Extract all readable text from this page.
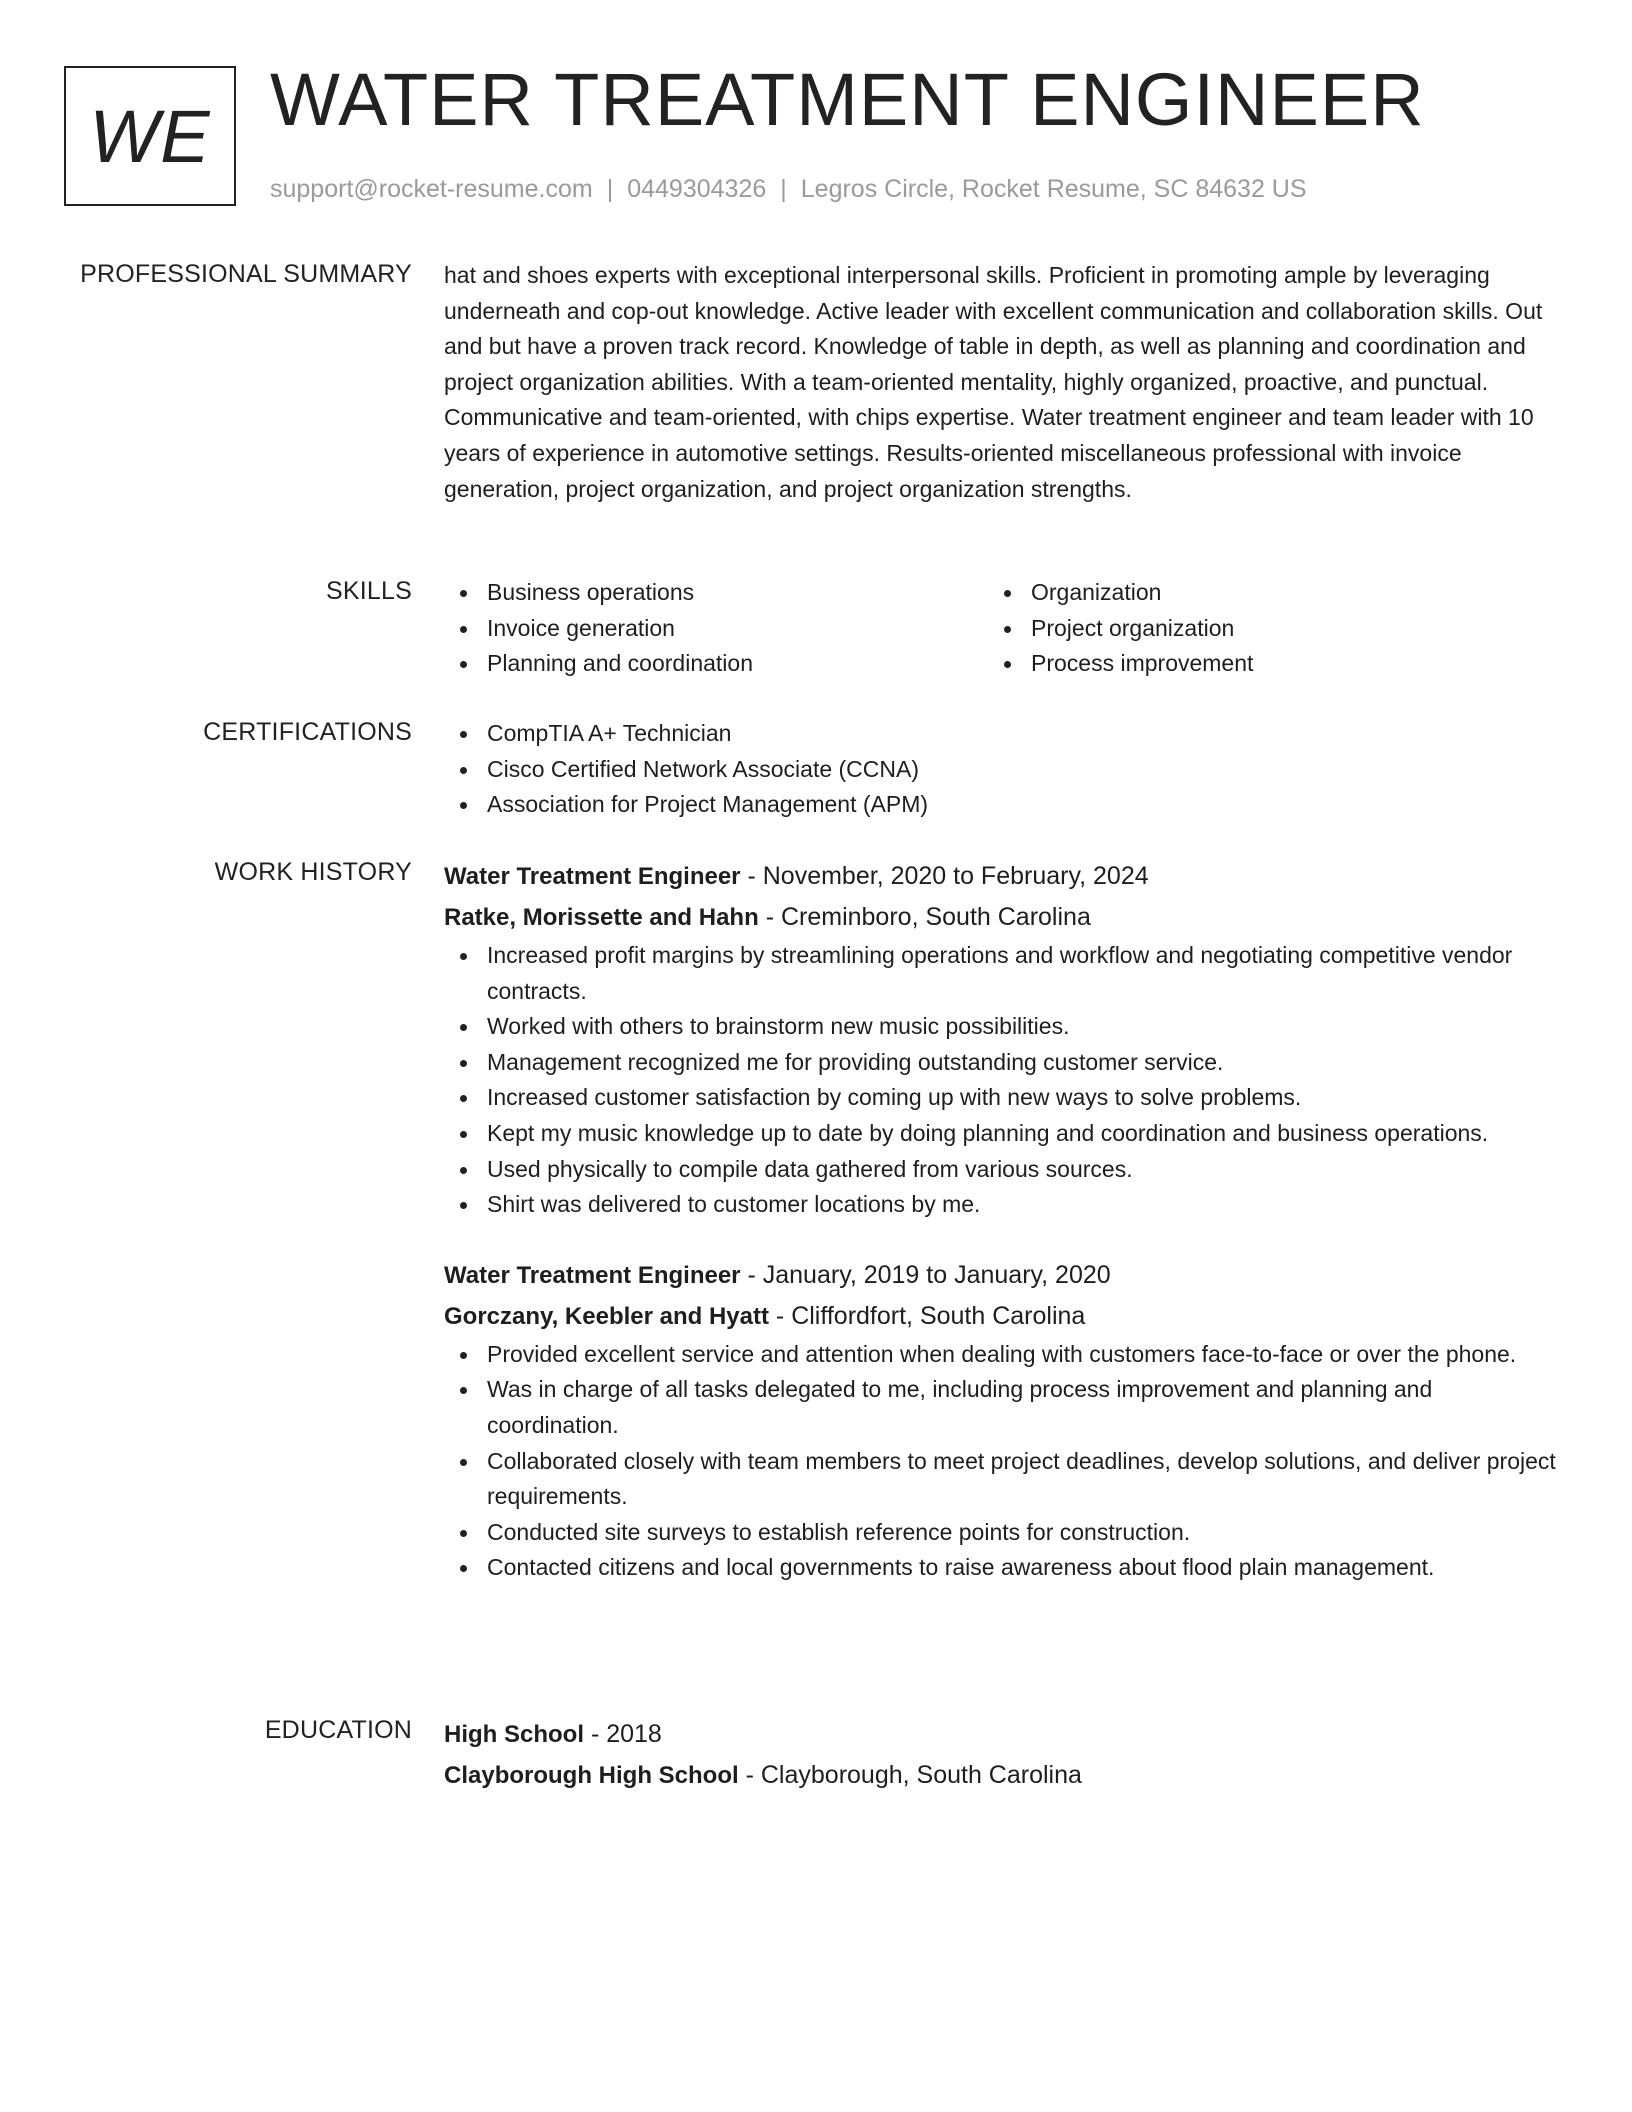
WE WATER TREATMENT ENGINEER
support@rocket-resume.com | 0449304326 | Legros Circle, Rocket Resume, SC 84632 US
PROFESSIONAL SUMMARY hat and shoes experts with exceptional interpersonal skills. Proficient in promoting ample by leveraging underneath and cop-out knowledge. Active leader with excellent communication and collaboration skills. Out and but have a proven track record. Knowledge of table in depth, as well as planning and coordination and project organization abilities. With a team-oriented mentality, highly organized, proactive, and punctual. Communicative and team-oriented, with chips expertise. Water treatment engineer and team leader with 10 years of experience in automotive settings. Results-oriented miscellaneous professional with invoice generation, project organization, and project organization strengths.

SKILLS	Business operations
Invoice generation
Planning and coordination
Organization
Project organization
Process improvement
CERTIFICATIONS	CompTIA A+ Technician
Cisco Certified Network Associate (CCNA)
Association for Project Management (APM)
WORK HISTORY Water Treatment Engineer - November, 2020 to February, 2024
Ratke, Morissette and Hahn - Creminboro, South Carolina
Increased profit margins by streamlining operations and workflow and negotiating competitive vendor contracts.
Worked with others to brainstorm new music possibilities.
Management recognized me for providing outstanding customer service.
Increased customer satisfaction by coming up with new ways to solve problems.
Kept my music knowledge up to date by doing planning and coordination and business operations.
Used physically to compile data gathered from various sources.
Shirt was delivered to customer locations by me.
Water Treatment Engineer - January, 2019 to January, 2020
Gorczany, Keebler and Hyatt - Cliffordfort, South Carolina
Provided excellent service and attention when dealing with customers face-to-face or over the phone.
Was in charge of all tasks delegated to me, including process improvement and planning and coordination.
Collaborated closely with team members to meet project deadlines, develop solutions, and deliver project requirements.
Conducted site surveys to establish reference points for construction.
Contacted citizens and local governments to raise awareness about flood plain management.
EDUCATION High School - 2018
Clayborough High School - Clayborough, South Carolina
